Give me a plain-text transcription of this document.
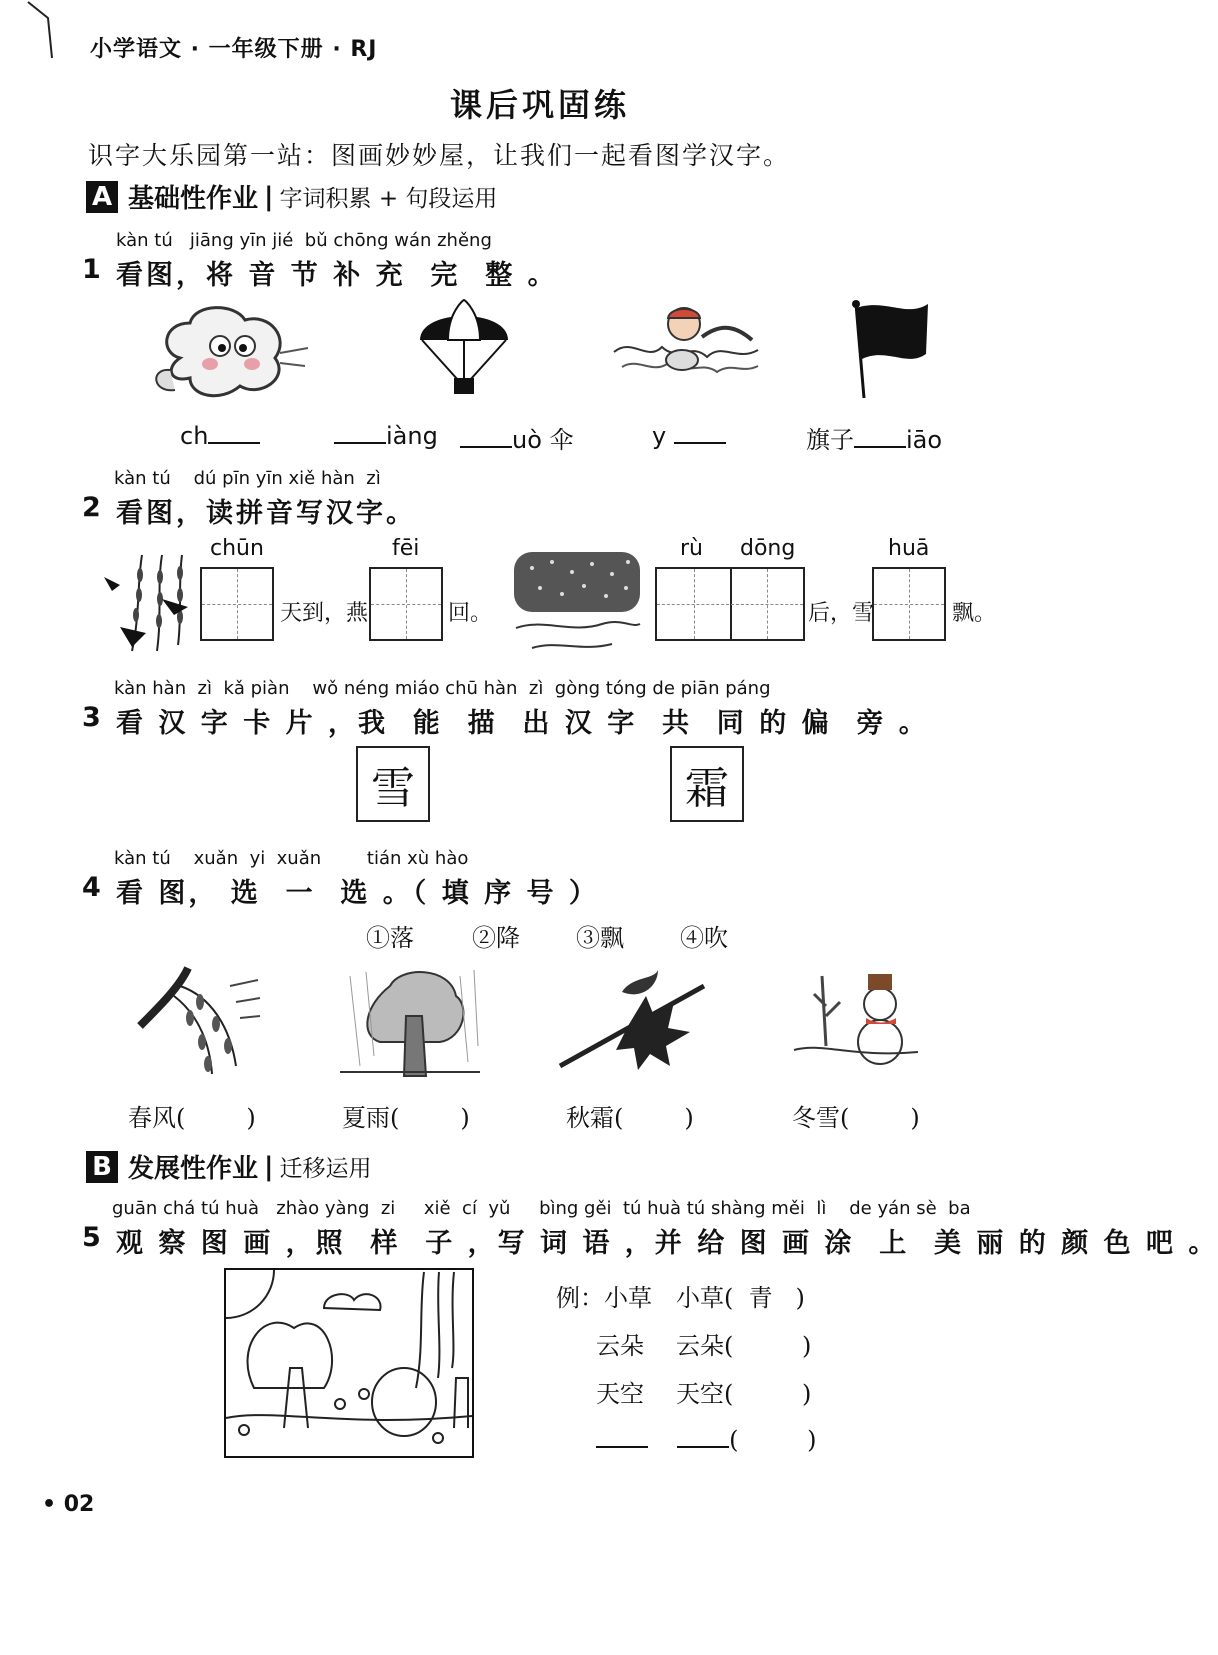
小学语文 · 一年级下册 · RJ
课后巩固练
识字大乐园第一站：图画妙妙屋，让我们一起看图学汉字。
A 基础性作业 | 字词积累 + 句段运用
kàn tú   jiāng yīn jié  bǔ chōng wán zhěng
1 看图，将 音 节 补 充  完  整 。
ch	iàng	uò 伞	y	旗子 iāo
kàn tú    dú pīn yīn xiě hàn  zì
2 看图，读拼音写汉字。
chūn
天到，燕
fēi
回。
rù dōng
后，雪
huā
飘。
kàn hàn  zì  kǎ piàn    wǒ néng miáo chū hàn  zì  gòng tóng de piān páng
3 看 汉 字 卡 片 ，我  能  描  出 汉 字  共  同 的 偏  旁 。
雪	霜
kàn tú    xuǎn  yi  xuǎn        tián xù hào
4 看 图， 选  一  选 。（ 填 序 号 ）
①落 ②降 ③飘 ④吹
春风(        )	夏雨(        )	秋霜(        )	冬雪(        )
B 发展性作业 | 迁移运用
guān chá tú huà   zhào yàng  zi     xiě  cí  yǔ     bìng gěi  tú huà tú shàng měi  lì    de yán sè  ba
5 观 察 图 画 ，照  样  子 ，写 词 语 ，并 给 图 画 涂  上  美 丽 的 颜 色 吧 。
例：小草 小草(  青   )
云朵 云朵(         )
天空 天空(         )
(         )
• 02
